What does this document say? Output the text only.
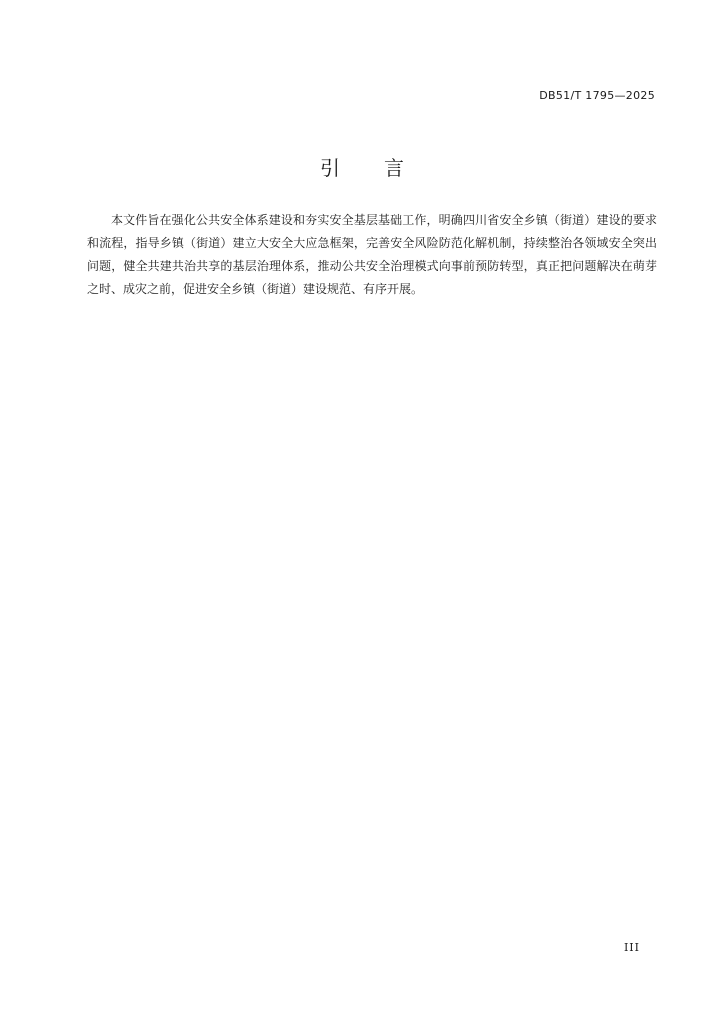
DB51/T 1795—2025
引言

本文件旨在强化公共安全体系建设和夯实安全基层基础工作，明确四川省安全乡镇（街道）建设的要求和流程，指导乡镇（街道）建立大安全大应急框架，完善安全风险防范化解机制，持续整治各领域安全突出问题，健全共建共治共享的基层治理体系，推动公共安全治理模式向事前预防转型，真正把问题解决在萌芽之时、成灾之前，促进安全乡镇（街道）建设规范、有序开展。

III
